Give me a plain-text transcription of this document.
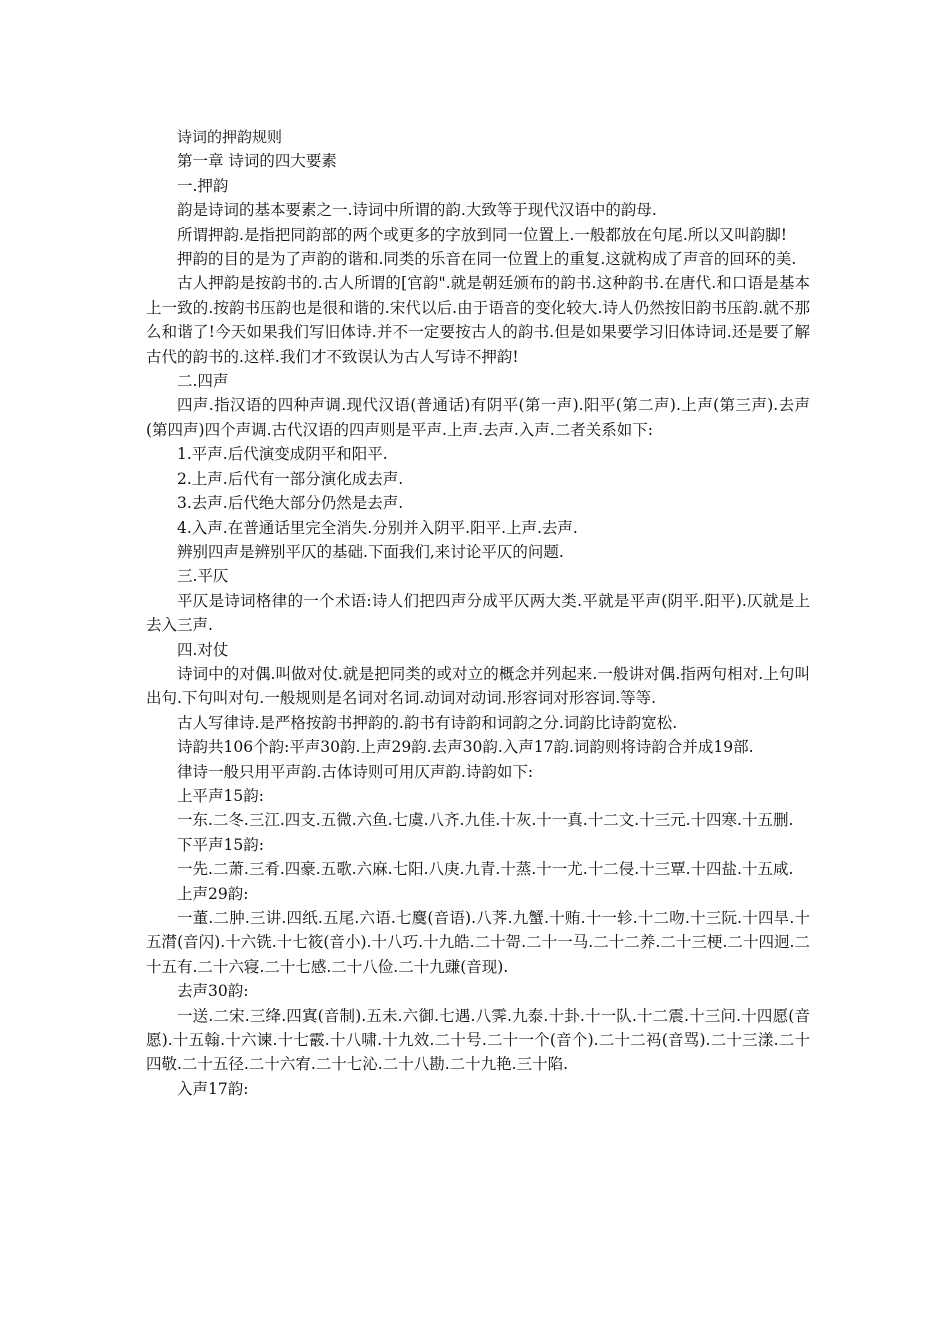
诗词的押韵规则

第一章 诗词的四大要素

一.押韵

韵是诗词的基本要素之一.诗词中所谓的韵.大致等于现代汉语中的韵母.

所谓押韵.是指把同韵部的两个或更多的字放到同一位置上.一般都放在句尾.所以又叫韵脚!

押韵的目的是为了声韵的谐和.同类的乐音在同一位置上的重复.这就构成了声音的回环的美.

古人押韵是按韵书的.古人所谓的[官韵".就是朝廷颁布的韵书.这种韵书.在唐代.和口语是基本上一致的.按韵书压韵也是很和谐的.宋代以后.由于语音的变化较大.诗人仍然按旧韵书压韵.就不那么和谐了!今天如果我们写旧体诗.并不一定要按古人的韵书.但是如果要学习旧体诗词.还是要了解古代的韵书的.这样.我们才不致误认为古人写诗不押韵!

二.四声

四声.指汉语的四种声调.现代汉语(普通话)有阴平(第一声).阳平(第二声).上声(第三声).去声(第四声)四个声调.古代汉语的四声则是平声.上声.去声.入声.二者关系如下:

1.平声.后代演变成阴平和阳平.

2.上声.后代有一部分演化成去声.

3.去声.后代绝大部分仍然是去声.

4.入声.在普通话里完全消失.分别并入阴平.阳平.上声.去声.

辨别四声是辨别平仄的基础.下面我们,来讨论平仄的问题.

三.平仄

平仄是诗词格律的一个术语:诗人们把四声分成平仄两大类.平就是平声(阴平.阳平).仄就是上去入三声.

四.对仗

诗词中的对偶.叫做对仗.就是把同类的或对立的概念并列起来.一般讲对偶.指两句相对.上句叫出句.下句叫对句.一般规则是名词对名词.动词对动词.形容词对形容词.等等.

古人写律诗.是严格按韵书押韵的.韵书有诗韵和词韵之分.词韵比诗韵宽松.

诗韵共106个韵:平声30韵.上声29韵.去声30韵.入声17韵.词韵则将诗韵合并成19部.

律诗一般只用平声韵.古体诗则可用仄声韵.诗韵如下:

上平声15韵:

一东.二冬.三江.四支.五微.六鱼.七虞.八齐.九佳.十灰.十一真.十二文.十三元.十四寒.十五删.

下平声15韵:

一先.二萧.三肴.四豪.五歌.六麻.七阳.八庚.九青.十蒸.十一尤.十二侵.十三覃.十四盐.十五咸.

上声29韵:

一董.二肿.三讲.四纸.五尾.六语.七麌(音语).八荠.九蟹.十贿.十一轸.十二吻.十三阮.十四旱.十五潸(音闪).十六铣.十七筱(音小).十八巧.十九皓.二十哿.二十一马.二十二养.二十三梗.二十四迥.二十五有.二十六寝.二十七感.二十八俭.二十九豏(音现).

去声30韵:

一送.二宋.三绛.四寘(音制).五未.六御.七遇.八霁.九泰.十卦.十一队.十二震.十三问.十四愿(音愿).十五翰.十六谏.十七霰.十八啸.十九效.二十号.二十一个(音个).二十二祃(音骂).二十三漾.二十四敬.二十五径.二十六宥.二十七沁.二十八勘.二十九艳.三十陷.

入声17韵:
